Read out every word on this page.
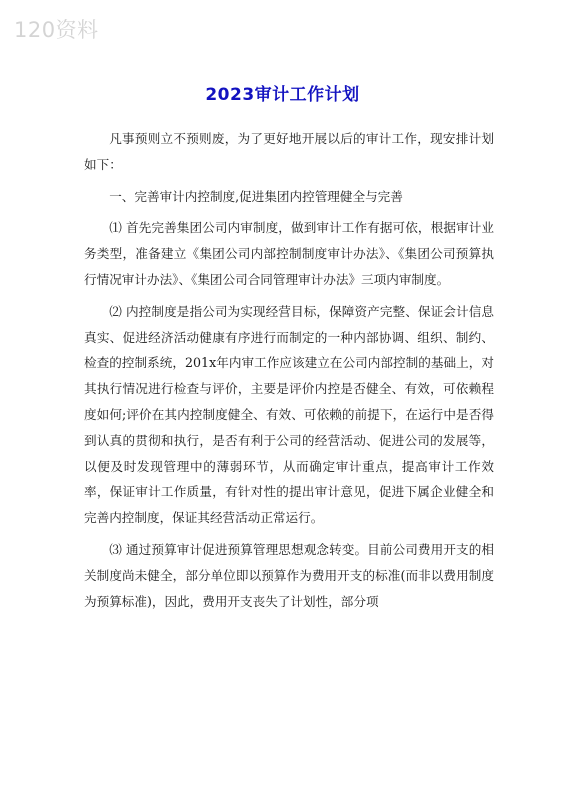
120资料
2023审计工作计划

凡事预则立不预则废，为了更好地开展以后的审计工作，现安排计划如下：

一、完善审计内控制度,促进集团内控管理健全与完善

⑴ 首先完善集团公司内审制度，做到审计工作有据可依，根据审计业务类型，准备建立《集团公司内部控制制度审计办法》、《集团公司预算执行情况审计办法》、《集团公司合同管理审计办法》三项内审制度。

⑵ 内控制度是指公司为实现经营目标，保障资产完整、保证会计信息真实、促进经济活动健康有序进行而制定的一种内部协调、组织、制约、检查的控制系统，201x年内审工作应该建立在公司内部控制的基础上，对其执行情况进行检查与评价，主要是评价内控是否健全、有效，可依赖程度如何;评价在其内控制度健全、有效、可依赖的前提下，在运行中是否得到认真的贯彻和执行，是否有利于公司的经营活动、促进公司的发展等，以便及时发现管理中的薄弱环节，从而确定审计重点，提高审计工作效率，保证审计工作质量，有针对性的提出审计意见，促进下属企业健全和完善内控制度，保证其经营活动正常运行。

⑶ 通过预算审计促进预算管理思想观念转变。目前公司费用开支的相关制度尚未健全，部分单位即以预算作为费用开支的标准(而非以费用制度为预算标准)，因此，费用开支丧失了计划性，部分项
